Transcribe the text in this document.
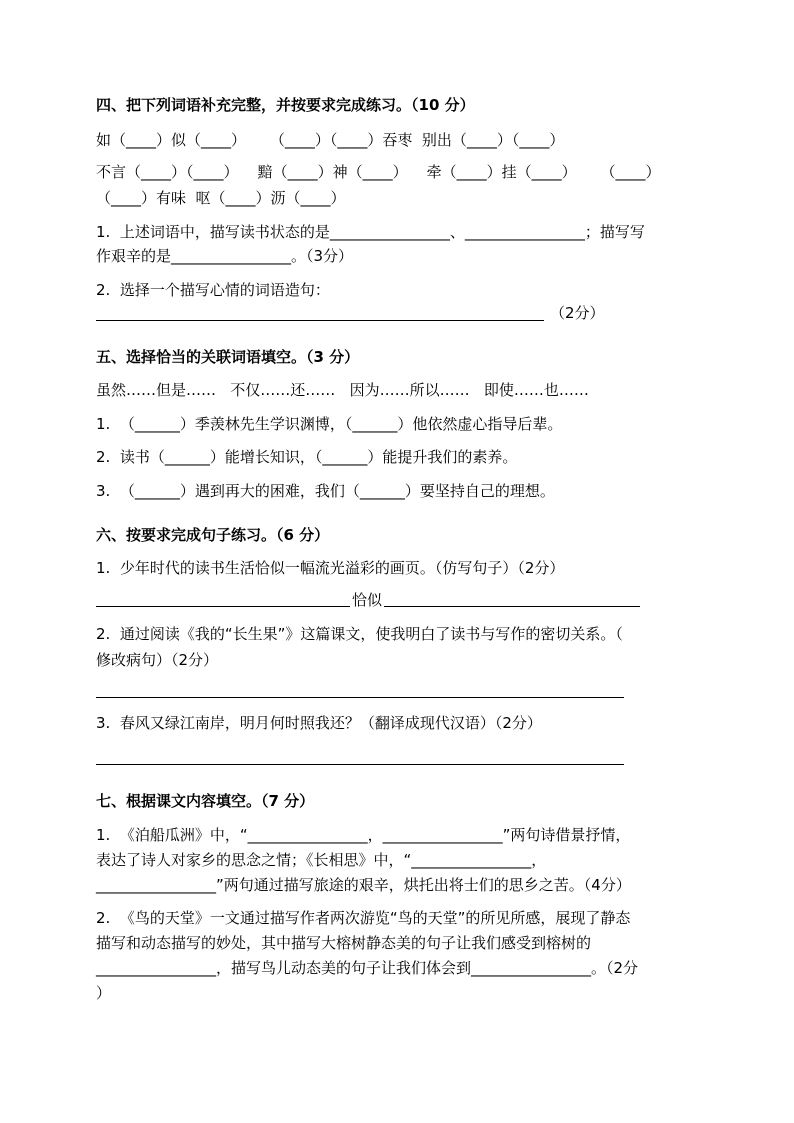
四、把下列词语补充完整，并按要求完成练习。（10 分）
如（____）似（____）     （____）（____）吞枣  别出（____）（____）
不言（____）（____）    黯（____）神（____）    牵（____）挂（____）     （____）
（____）有味  呕（____）沥（____）
1.  上述词语中，描写读书状态的是________________、________________；描写写
作艰辛的是________________。（3分）
2.  选择一个描写心情的词语造句：
（2分）
五、选择恰当的关联词语填空。（3 分）
虽然……但是……   不仅……还……   因为……所以……   即使……也……
1.  （______）季羡林先生学识渊博，（______）他依然虚心指导后辈。
2.  读书（______）能增长知识，（______）能提升我们的素养。
3.  （______）遇到再大的困难，我们（______）要坚持自己的理想。
六、按要求完成句子练习。（6 分）
1.  少年时代的读书生活恰似一幅流光溢彩的画页。（仿写句子）（2分）
恰似
2.  通过阅读《我的“长生果”》这篇课文，使我明白了读书与写作的密切关系。（
修改病句）（2分）
3.  春风又绿江南岸，明月何时照我还？（翻译成现代汉语）（2分）
七、根据课文内容填空。（7 分）
1.  《泊船瓜洲》中，“________________，________________”两句诗借景抒情，
表达了诗人对家乡的思念之情；《长相思》中，“________________，
________________”两句通过描写旅途的艰辛，烘托出将士们的思乡之苦。（4分）
2.  《鸟的天堂》一文通过描写作者两次游览“鸟的天堂”的所见所感，展现了静态
描写和动态描写的妙处，其中描写大榕树静态美的句子让我们感受到榕树的
________________，描写鸟儿动态美的句子让我们体会到________________。（2分
）
